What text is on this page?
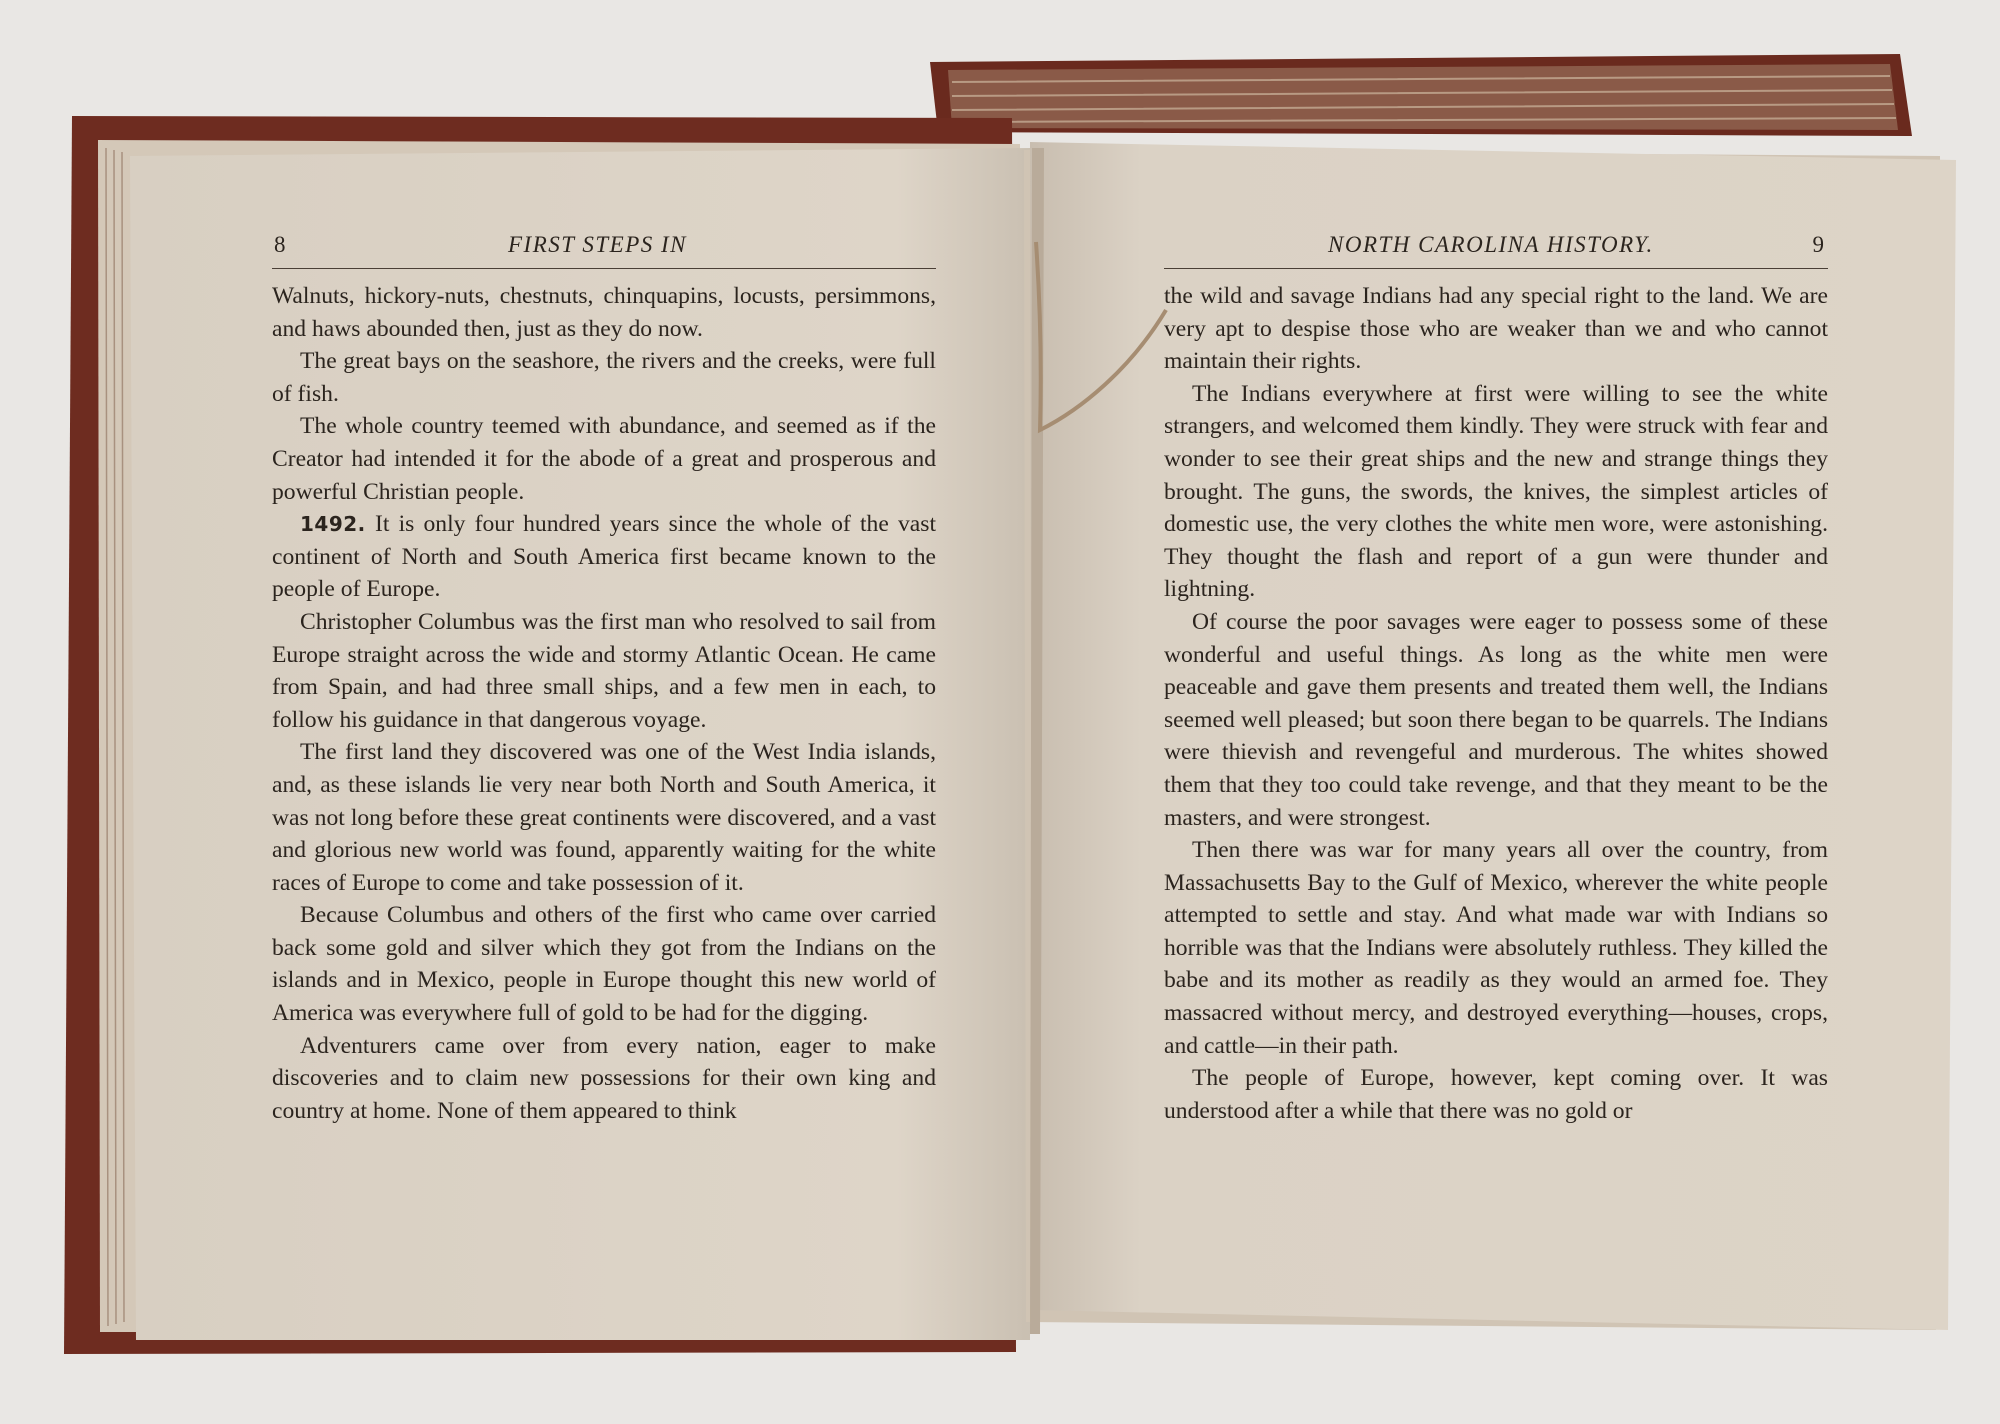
8	FIRST STEPS IN

Walnuts, hickory-nuts, chestnuts, chinquapins, locusts, persimmons, and haws abounded then, just as they do now.

The great bays on the seashore, the rivers and the creeks, were full of fish.

The whole country teemed with abundance, and seemed as if the Creator had intended it for the abode of a great and prosperous and powerful Christian people.

1492. It is only four hundred years since the whole of the vast continent of North and South America first became known to the people of Europe.

Christopher Columbus was the first man who resolved to sail from Europe straight across the wide and stormy Atlantic Ocean. He came from Spain, and had three small ships, and a few men in each, to follow his guidance in that dangerous voyage.

The first land they discovered was one of the West India islands, and, as these islands lie very near both North and South America, it was not long before these great continents were discovered, and a vast and glorious new world was found, apparently waiting for the white races of Europe to come and take possession of it.

Because Columbus and others of the first who came over carried back some gold and silver which they got from the Indians on the islands and in Mexico, people in Europe thought this new world of America was everywhere full of gold to be had for the digging.

Adventurers came over from every nation, eager to make discoveries and to claim new possessions for their own king and country at home. None of them appeared to think

NORTH CAROLINA HISTORY.	9

the wild and savage Indians had any special right to the land. We are very apt to despise those who are weaker than we and who cannot maintain their rights.

The Indians everywhere at first were willing to see the white strangers, and welcomed them kindly. They were struck with fear and wonder to see their great ships and the new and strange things they brought. The guns, the swords, the knives, the simplest articles of domestic use, the very clothes the white men wore, were astonishing. They thought the flash and report of a gun were thunder and lightning.

Of course the poor savages were eager to possess some of these wonderful and useful things. As long as the white men were peaceable and gave them presents and treated them well, the Indians seemed well pleased; but soon there began to be quarrels. The Indians were thievish and revengeful and murderous. The whites showed them that they too could take revenge, and that they meant to be the masters, and were strongest.

Then there was war for many years all over the country, from Massachusetts Bay to the Gulf of Mexico, wherever the white people attempted to settle and stay. And what made war with Indians so horrible was that the Indians were absolutely ruthless. They killed the babe and its mother as readily as they would an armed foe. They massacred without mercy, and destroyed everything—houses, crops, and cattle—in their path.

The people of Europe, however, kept coming over. It was understood after a while that there was no gold or
